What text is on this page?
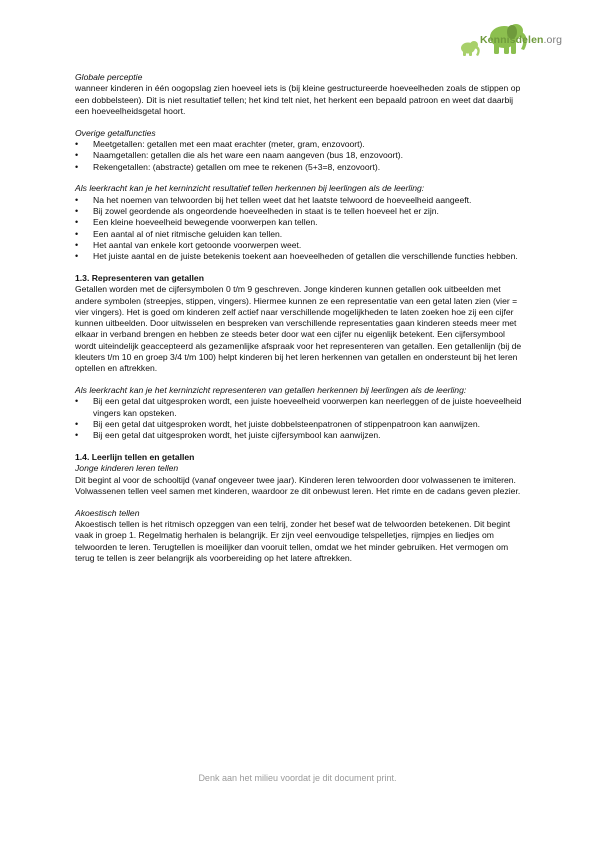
Kennisdelen.org

Globale perceptie

wanneer kinderen in één oogopslag zien hoeveel iets is (bij kleine gestructureerde hoeveelheden zoals de stippen op een dobbelsteen). Dit is niet resultatief tellen; het kind telt niet, het herkent een bepaald patroon en weet dat daarbij een hoeveelheidsgetal hoort.

Overige getalfuncties

• Meetgetallen: getallen met een maat erachter (meter, gram, enzovoort).
• Naamgetallen: getallen die als het ware een naam aangeven (bus 18, enzovoort).
• Rekengetallen: (abstracte) getallen om mee te rekenen (5+3=8, enzovoort).

Als leerkracht kan je het kerninzicht resultatief tellen herkennen bij leerlingen als de leerling:

• Na het noemen van telwoorden bij het tellen weet dat het laatste telwoord de hoeveelheid aangeeft.
• Bij zowel geordende als ongeordende hoeveelheden in staat is te tellen hoeveel het er zijn.
• Een kleine hoeveelheid bewegende voorwerpen kan tellen.
• Een aantal al of niet ritmische geluiden kan tellen.
• Het aantal van enkele kort getoonde voorwerpen weet.
• Het juiste aantal en de juiste betekenis toekent aan hoeveelheden of getallen die verschillende functies hebben.

1.3. Representeren van getallen

Getallen worden met de cijfersymbolen 0 t/m 9 geschreven. Jonge kinderen kunnen getallen ook uitbeelden met andere symbolen (streepjes, stippen, vingers). Hiermee kunnen ze een representatie van een getal laten zien (vier = vier vingers). Het is goed om kinderen zelf actief naar verschillende mogelijkheden te laten zoeken hoe zij een cijfer kunnen uitbeelden. Door uitwisselen en bespreken van verschillende representaties gaan kinderen steeds meer met elkaar in verband brengen en hebben ze steeds beter door wat een cijfer nu eigenlijk betekent. Een cijfersymbool wordt uiteindelijk geaccepteerd als gezamenlijke afspraak voor het representeren van getallen. Een getallenlijn (bij de kleuters t/m 10 en groep 3/4 t/m 100) helpt kinderen bij het leren herkennen van getallen en ondersteunt bij het leren optellen en aftrekken.

Als leerkracht kan je het kerninzicht representeren van getallen herkennen bij leerlingen als de leerling:

• Bij een getal dat uitgesproken wordt, een juiste hoeveelheid voorwerpen kan neerleggen of de juiste hoeveelheid vingers kan opsteken.
• Bij een getal dat uitgesproken wordt, het juiste dobbelsteenpatronen of stippenpatroon kan aanwijzen.
• Bij een getal dat uitgesproken wordt, het juiste cijfersymbool kan aanwijzen.

1.4. Leerlijn tellen en getallen

Jonge kinderen leren tellen

Dit begint al voor de schooltijd (vanaf ongeveer twee jaar). Kinderen leren telwoorden door volwassenen te imiteren. Volwassenen tellen veel samen met kinderen, waardoor ze dit onbewust leren. Het rimte en de cadans geven plezier.

Akoestisch tellen

Akoestisch tellen is het ritmisch opzeggen van een telrij, zonder het besef wat de telwoorden betekenen. Dit begint vaak in groep 1. Regelmatig herhalen is belangrijk. Er zijn veel eenvoudige telspelletjes, rijmpjes en liedjes om telwoorden te leren. Terugtellen is moeilijker dan vooruit tellen, omdat we het minder gebruiken. Het vermogen om terug te tellen is zeer belangrijk als voorbereiding op het latere aftrekken.

Denk aan het milieu voordat je dit document print.
